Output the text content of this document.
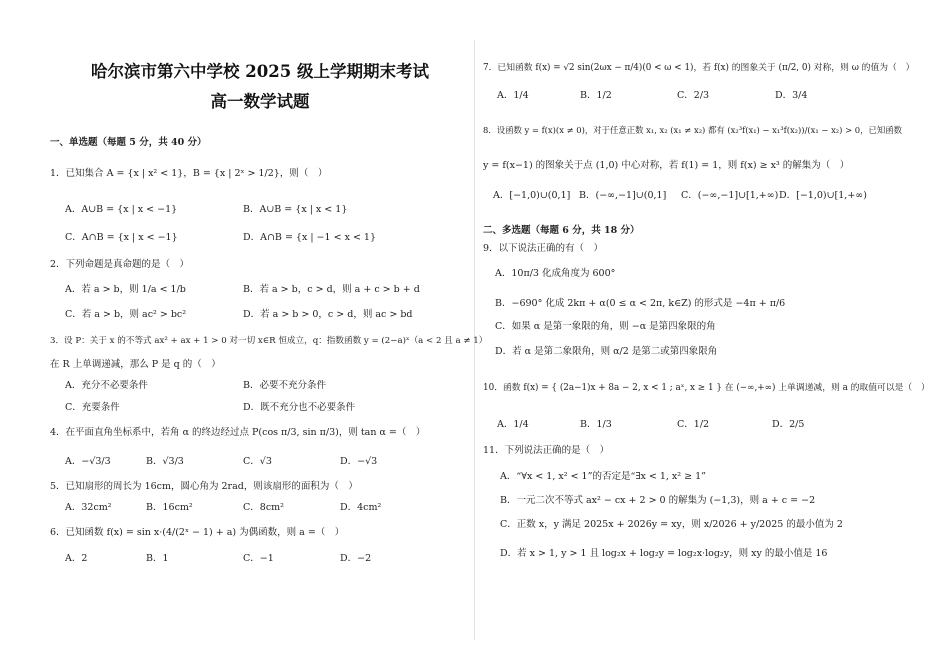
哈尔滨市第六中学校 2025 级上学期期末考试
高一数学试题
一、单选题（每题 5 分，共 40 分）
1．已知集合 A = {x | x² < 1}，B = {x | 2ˣ > 1/2}，则（　）
A．A∪B = {x | x < −1}	B．A∪B = {x | x < 1}
C．A∩B = {x | x < −1}	D．A∩B = {x | −1 < x < 1}
2．下列命题是真命题的是（　）
A．若 a > b，则 1/a < 1/b	B．若 a > b，c > d，则 a + c > b + d
C．若 a > b，则 ac² > bc²	D．若 a > b > 0，c > d，则 ac > bd
3．设 P：关于 x 的不等式 ax² + ax + 1 > 0 对一切 x∈R 恒成立，q：指数函数 y = (2−a)ˣ（a < 2 且 a ≠ 1）
在 R 上单调递减，那么 P 是 q 的（　）
A．充分不必要条件	B．必要不充分条件
C．充要条件	D．既不充分也不必要条件
4．在平面直角坐标系中，若角 α 的终边经过点 P(cos π/3, sin π/3)，则 tan α =（　）
A．−√3/3	B．√3/3	C．√3	D．−√3
5．已知扇形的周长为 16cm，圆心角为 2rad，则该扇形的面积为（　）
A．32cm²	B．16cm²	C．8cm²	D．4cm²
6．已知函数 f(x) = sin x·(4/(2ˣ − 1) + a) 为偶函数，则 a =（　）
A．2	B．1	C．−1	D．−2
7．已知函数 f(x) = √2 sin(2ωx − π/4)(0 < ω < 1)，若 f(x) 的图象关于 (π/2, 0) 对称，则 ω 的值为（　）
A．1/4	B．1/2	C．2/3	D．3/4
8．设函数 y = f(x)(x ≠ 0)，对于任意正数 x₁, x₂ (x₁ ≠ x₂) 都有 (x₂³f(x₁) − x₁³f(x₂))/(x₁ − x₂) > 0，已知函数
y = f(x−1) 的图象关于点 (1,0) 中心对称，若 f(1) = 1，则 f(x) ≥ x³ 的解集为（　）
A．[−1,0)∪(0,1] B．(−∞,−1]∪(0,1] C．(−∞,−1]∪[1,+∞) D．[−1,0)∪[1,+∞)
二、多选题（每题 6 分，共 18 分）
9．以下说法正确的有（　）
A．10π/3 化成角度为 600°
B．−690° 化成 2kπ + α(0 ≤ α < 2π, k∈Z) 的形式是 −4π + π/6
C．如果 α 是第一象限的角，则 −α 是第四象限的角
D．若 α 是第二象限角，则 α/2 是第二或第四象限角
10．函数 f(x) = { (2a−1)x + 8a − 2, x < 1 ; aˣ, x ≥ 1 } 在 (−∞,+∞) 上单调递减，则 a 的取值可以是（　）
A．1/4	B．1/3	C．1/2	D．2/5
11．下列说法正确的是（　）
A．“∀x < 1, x² < 1”的否定是“∃x < 1, x² ≥ 1”
B．一元二次不等式 ax² − cx + 2 > 0 的解集为 (−1,3)，则 a + c = −2
C．正数 x，y 满足 2025x + 2026y = xy，则 x/2026 + y/2025 的最小值为 2
D．若 x > 1, y > 1 且 log₂x + log₂y = log₂x·log₂y，则 xy 的最小值是 16
